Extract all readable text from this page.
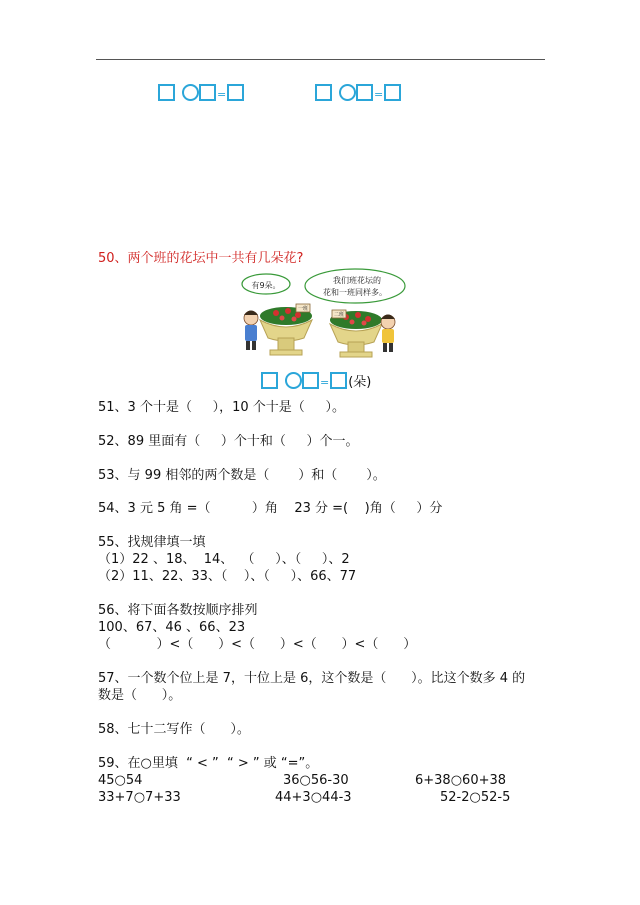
=	=
50、两个班的花坛中一共有几朵花?
有9朵。
我们班花坛的
花和一班同样多。
一班
二班
= (朵)
51、3 个十是（     ），10 个十是（     ）。
52、89 里面有（     ）个十和（     ）个一。
53、与 99 相邻的两个数是（       ）和（       ）。
54、3 元 5 角 =（          ）角    23 分 =(    )角（     ）分
55、找规律填一填
（1）22 、18、  14、  （     ）、（     ）、2
（2）11、22、33、（    ）、（     ）、66、77
56、将下面各数按顺序排列
100、67、46 、66、23
（           ）<（      ）<（      ）<（      ）<（      ）
57、一个数个位上是 7，十位上是 6，这个数是（      ）。比这个数多 4 的
数是（      ）。
58、七十二写作（      ）。
59、在○里填  “ < ”  “ > ” 或 “=”。
45○54	36○56-30	6+38○60+38
33+7○7+33	44+3○44-3	52-2○52-5
